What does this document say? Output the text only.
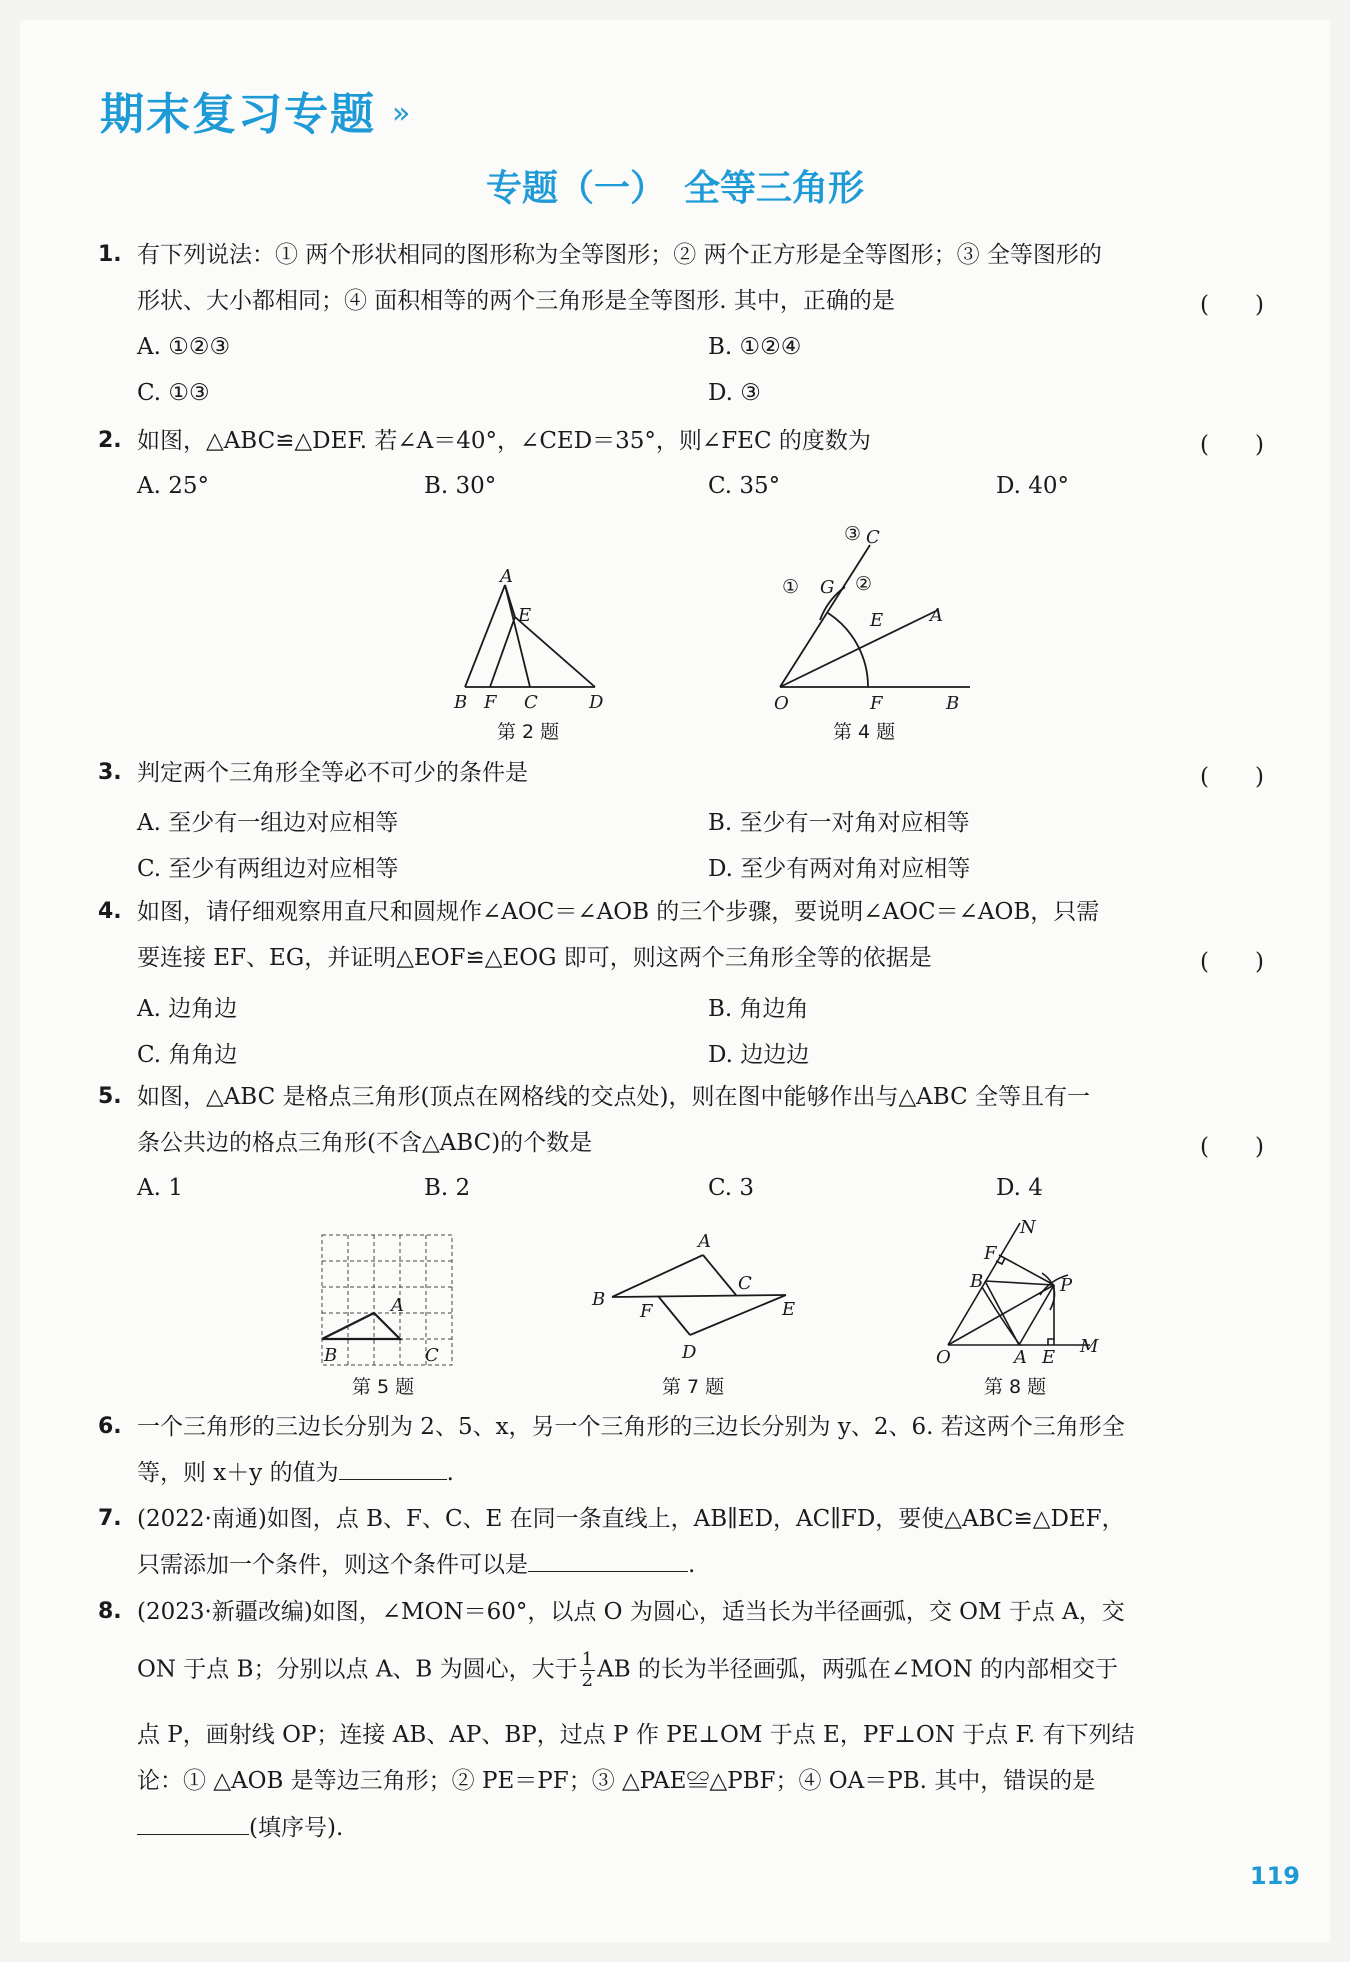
期末复习专题 »
专题（一）　全等三角形
1. 有下列说法：① 两个形状相同的图形称为全等图形；② 两个正方形是全等图形；③ 全等图形的
形状、大小都相同；④ 面积相等的两个三角形是全等图形. 其中，正确的是	(　　)
A. ①②③	B. ①②④
C. ①③	D. ③
2. 如图，△ABC≌△DEF. 若∠A＝40°，∠CED＝35°，则∠FEC 的度数为	(　　)
A. 25°	B. 30°	C. 35°	D. 40°
A
E
B F C	D
第 2 题
③ C
① G ②
E	A
O	F	B
第 4 题
3. 判定两个三角形全等必不可少的条件是	(　　)
A. 至少有一组边对应相等	B. 至少有一对角对应相等
C. 至少有两组边对应相等	D. 至少有两对角对应相等
4. 如图，请仔细观察用直尺和圆规作∠AOC＝∠AOB 的三个步骤，要说明∠AOC＝∠AOB，只需
要连接 EF、EG，并证明△EOF≌△EOG 即可，则这两个三角形全等的依据是	(　　)
A. 边角边	B. 角边角
C. 角角边	D. 边边边
5. 如图，△ABC 是格点三角形(顶点在网格线的交点处)，则在图中能够作出与△ABC 全等且有一
条公共边的格点三角形(不含△ABC)的个数是	(　　)
A. 1	B. 2	C. 3	D. 4
A
B	C
第 5 题
A
B
C
F	E
D
第 7 题
N
F
B	P
O	A E
M
第 8 题
6. 一个三角形的三边长分别为 2、5、x，另一个三角形的三边长分别为 y、2、6. 若这两个三角形全
等，则 x＋y 的值为	.
7. (2022·南通)如图，点 B、F、C、E 在同一条直线上，AB∥ED，AC∥FD，要使△ABC≌△DEF，
只需添加一个条件，则这个条件可以是	.
8. (2023·新疆改编)如图，∠MON＝60°，以点 O 为圆心，适当长为半径画弧，交 OM 于点 A，交
ON 于点 B；分别以点 A、B 为圆心，大于 $\frac{1}{2}$ AB 的长为半径画弧，两弧在∠MON 的内部相交于
点 P，画射线 OP；连接 AB、AP、BP，过点 P 作 PE⊥OM 于点 E，PF⊥ON 于点 F. 有下列结
论：① △AOB 是等边三角形；② PE＝PF；③ △PAE≌△PBF；④ OA＝PB. 其中，错误的是
(填序号).
119
